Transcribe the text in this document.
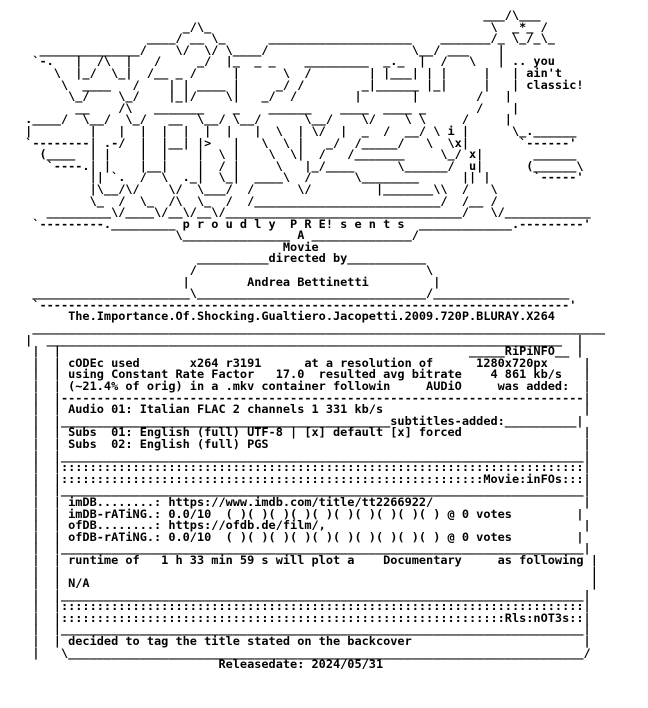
___/\___
_/\_                                       \  _*_ /
____/ __ \_      ____________________    _______/_ \_/_\_
______________/    \/  \/ \____/                    \__/ ___    |
`-.   |  /\  |   /     _/  |_  _ _    _________  _._  |  /   \   | .. you
\  |_/  \_|  /__ _ /     |      \  /        | |___| | |     |   | ain't
\  ____   /    | | ____ |     _/ /        _|______ |_|     |   | classic!
\_/    \_/    |_|/    \|   _/  /        |       |        /   |
__    /\   _______    _    ______    ____  ____ _       /    |
.____/  \__/  \_/   __  \__/ \__/      \__/    \/    \ \     /     |
|        |   |  |  |  |  |  |   |  \  | \/  |  _  /  __/ \ i |      \_.______
`--------| .-/  |  |__| |>   |   \  \ |   _/  /_____/   \  \x|       `------'
(____  | |    |  |    |  \ |    \  \|  /   /_______     \_/ x|       ______
`----.| |    |__|    |  / |     \   |_/____      \______/  u|      (______\
|| `.  /  \  ._|  \_|  ____\  /      \________      || |      `-----'
|\__/\/    \/  \___/  /      \/         |_______\\  /   \
\_  /  \_  /\  \_  /  /__________________________/  /__ /
_________\/____\/__\/__\/_________________________________/   \/____________
`---------._________ p r o u d l y  P R E! s e n t s  _____________.---------'
\_______________ A ______________/
Movie
__________directed by___________
/                                \
|        Andrea Bettinetti         |
______________________\________________________________/___________________
`--------------------------------------------------------------------------'
The.Importance.Of.Shocking.Gualtiero.Jacopetti.2009.720P.BLURAY.X264
________________________________________________________________________________
|  ________________________________________________________________________  |
|  |                                                         _____RiPiNFO__ |
|  | cODEc used       x264 r3191      at a resolution of      1280x720px     |
|  | using Constant Rate Factor   17.0  resulted avg bitrate    4 861 kb/s   |
|  | (~21.4% of orig) in a .mkv container followin     AUDiO     was added:  |
|  |-------------------------------------------------------------------------|
|  | Audio 01: Italian FLAC 2 channels 1 331 kb/s                            |
|  |______________________________________________subtitles-added:__________|
|  | Subs  01: English (full) UTF-8 | [x] default [x] forced                 |
|  | Subs  02: English (full) PGS                                            |
|  |_________________________________________________________________________|
|  |:::::::::::::::::::::::::::::::::::::::::::::::::::::::::::::::::::::::::|
|  |:::::::::::::::::::::::::::::::::::::::::::::::::::::::::::Movie:inFOs:::|
|  |_________________________________________________________________________|
|  | imDB........: https://www.imdb.com/title/tt2266922/                     |
|  | imDB-rATiNG.: 0.0/10  ( )( )( )( )( )( )( )( )( )( ) @ 0 votes         |
|  | ofDB........: https://ofdb.de/film/,                                    |
|  | ofDB-rATiNG.: 0.0/10  ( )( )( )( )( )( )( )( )( )( ) @ 0 votes         |
|  |_________________________________________________________________________|
|  | runtime of   1 h 33 min 59 s will plot a    Documentary     as following |
|  |                                                                          |
|  | N/A                                                                      |
|  |_________________________________________________________________________|
|  |:::::::::::::::::::::::::::::::::::::::::::::::::::::::::::::::::::::::::|
|  |::::::::::::::::::::::::::::::::::::::::::::::::::::::::::::::Rls:nOT3s::|
|  |_________________________________________________________________________|
|  | decided to tag the title stated on the backcover                        |
|   \________________________________________________________________________/
Releasedate: 2024/05/31
